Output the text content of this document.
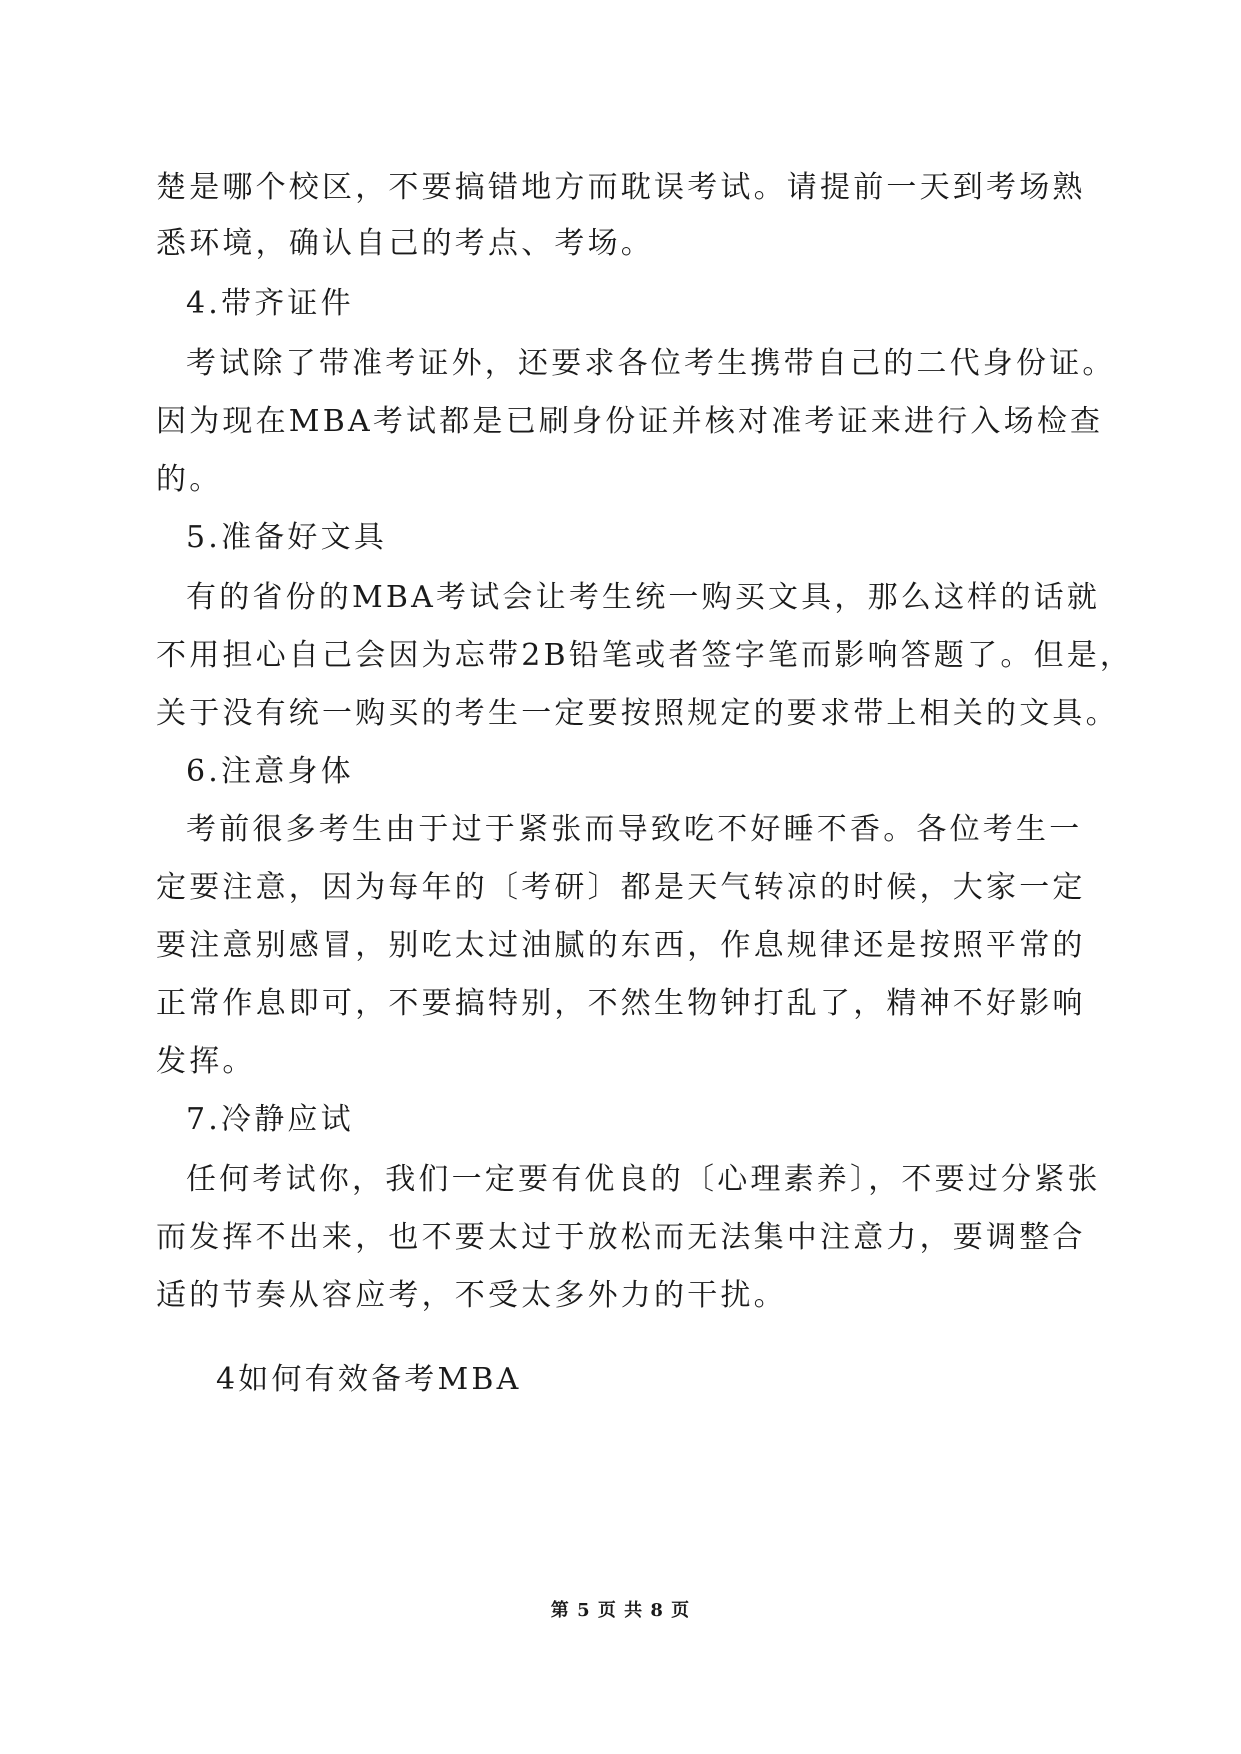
楚是哪个校区，不要搞错地方而耽误考试。请提前一天到考场熟
悉环境，确认自己的考点、考场。
4.带齐证件
考试除了带准考证外，还要求各位考生携带自己的二代身份证。
因为现在MBA考试都是已刷身份证并核对准考证来进行入场检查
的。
5.准备好文具
有的省份的MBA考试会让考生统一购买文具，那么这样的话就
不用担心自己会因为忘带2B铅笔或者签字笔而影响答题了。但是，
关于没有统一购买的考生一定要按照规定的要求带上相关的文具。
6.注意身体
考前很多考生由于过于紧张而导致吃不好睡不香。各位考生一
定要注意，因为每年的〔考研〕都是天气转凉的时候，大家一定
要注意别感冒，别吃太过油腻的东西，作息规律还是按照平常的
正常作息即可，不要搞特别，不然生物钟打乱了，精神不好影响
发挥。
7.冷静应试
任何考试你，我们一定要有优良的〔心理素养〕，不要过分紧张
而发挥不出来，也不要太过于放松而无法集中注意力，要调整合
适的节奏从容应考，不受太多外力的干扰。
4如何有效备考MBA
第 5 页 共 8 页
